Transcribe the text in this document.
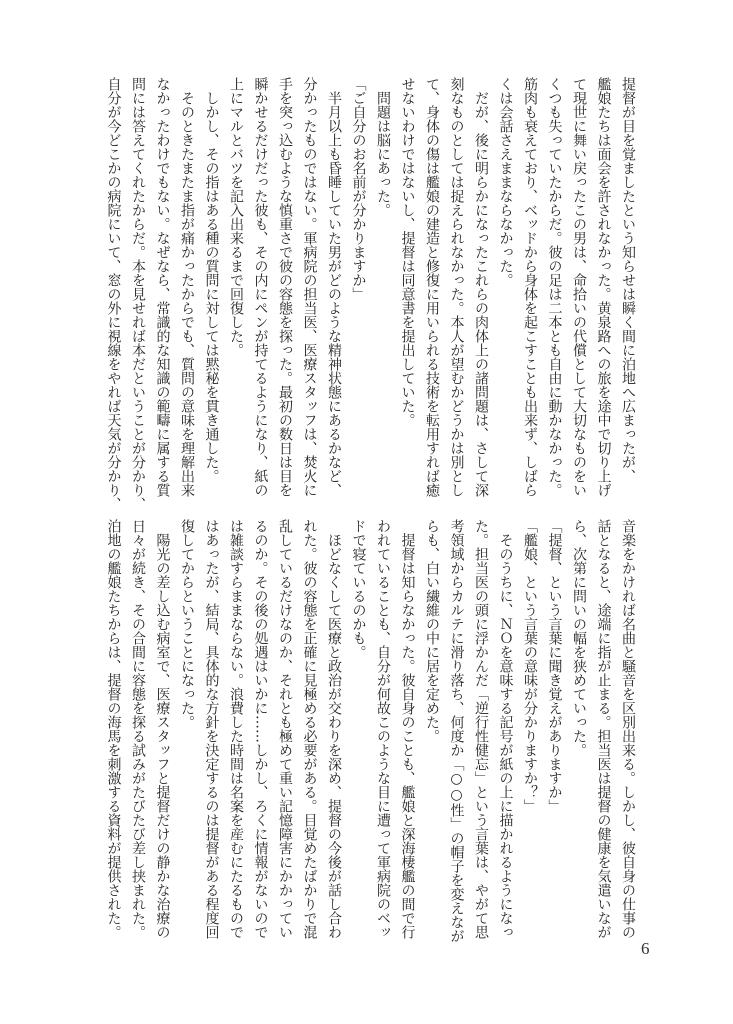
提督が目を覚ましたという知らせは瞬く間に泊地へ広まったが、
艦娘たちは面会を許されなかった。黄泉路への旅を途中で切り上げ
て現世に舞い戻ったこの男は、命拾いの代償として大切なものをい
くつも失っていたからだ。彼の足は二本とも自由に動かなかった。
筋肉も衰えており、ベッドから身体を起こすことも出来ず、しばら
くは会話さえままならなかった。
　だが、後に明らかになったこれらの肉体上の諸問題は、さして深
刻なものとしては捉えられなかった。本人が望むかどうかは別とし
て、身体の傷は艦娘の建造と修復に用いられる技術を転用すれば癒
せないわけではないし、提督は同意書を提出していた。
　問題は脳にあった。
「ご自分のお名前が分かりますか」
　半月以上も昏睡していた男がどのような精神状態にあるかなど、
分かったものではない。軍病院の担当医、医療スタッフは、焚火に
手を突っ込むような慎重さで彼の容態を探った。最初の数日は目を
瞬かせるだけだった彼も、その内にペンが持てるようになり、紙の
上にマルとバツを記入出来るまで回復した。
　しかし、その指はある種の質問に対しては黙秘を貫き通した。
　そのときたまたま指が痛かったからでも、質問の意味を理解出来
なかったわけでもない。なぜなら、常識的な知識の範疇に属する質
問には答えてくれたからだ。本を見せれば本だということが分かり、
自分が今どこかの病院にいて、窓の外に視線をやれば天気が分かり、
音楽をかければ名曲と騒音を区別出来る。しかし、彼自身の仕事の
話となると、途端に指が止まる。担当医は提督の健康を気遣いなが
ら、次第に問いの幅を狭めていった。
「提督、という言葉に聞き覚えがありますか」
「艦娘、という言葉の意味が分かりますか？」
　そのうちに、ＮＯを意味する記号が紙の上に描かれるようになっ
た。担当医の頭に浮かんだ「逆行性健忘」という言葉は、やがて思
考領域からカルテに滑り落ち、何度か「○○性」の帽子を変えなが
らも、白い繊維の中に居を定めた。
　提督は知らなかった。彼自身のことも、艦娘と深海棲艦の間で行
われていることも、自分が何故このような目に遭って軍病院のベッ
ドで寝ているのかも。
　ほどなくして医療と政治が交わりを深め、提督の今後が話し合わ
れた。彼の容態を正確に見極める必要がある。目覚めたばかりで混
乱しているだけなのか、それとも極めて重い記憶障害にかかってい
るのか。その後の処遇はいかに……しかし、ろくに情報がないので
は雑談すらままならない。浪費した時間は名案を産むにたるもので
はあったが、結局、具体的な方針を決定するのは提督がある程度回
復してからということになった。
　陽光の差し込む病室で、医療スタッフと提督だけの静かな治療の
日々が続き、その合間に容態を探る試みがたびたび差し挟まれた。
泊地の艦娘たちからは、提督の海馬を刺激する資料が提供された。
6
